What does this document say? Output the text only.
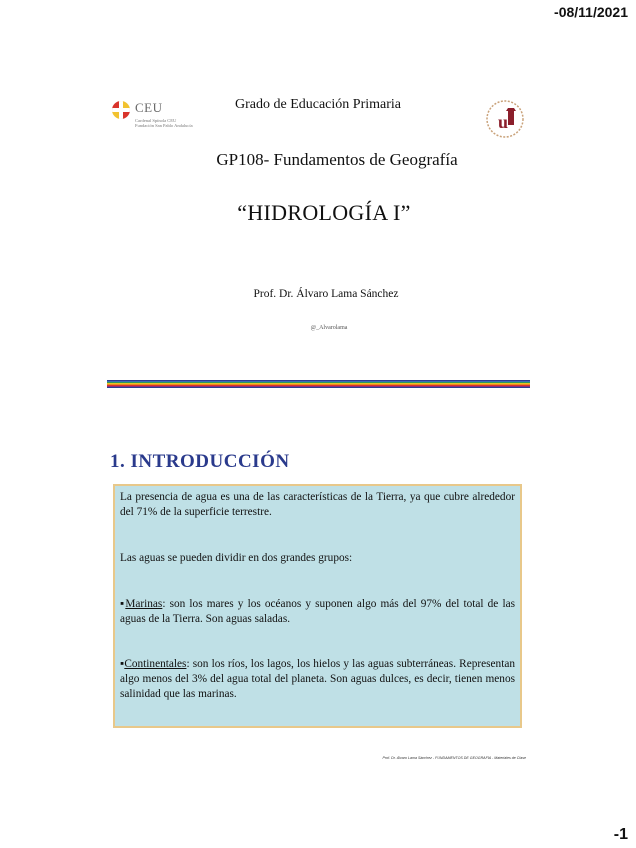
-08/11/2021
CEU
Cardenal Spínola CEU Fundación San Pablo Andalucía	u
Grado de Educación Primaria
GP108- Fundamentos de Geografía
“HIDROLOGÍA I”
Prof. Dr. Álvaro Lama Sánchez
@_Alvarolama
1. INTRODUCCIÓN

La presencia de agua es una de las características de la Tierra, ya que cubre alrededor del 71% de la superficie terrestre.

Las aguas se pueden dividir en dos grandes grupos:

▪Marinas: son los mares y los océanos y suponen algo más del 97% del total de las aguas de la Tierra. Son aguas saladas.

▪Continentales: son los ríos, los lagos, los hielos y las aguas subterráneas. Representan algo menos del 3% del agua total del planeta. Son aguas dulces, es decir, tienen menos salinidad que las marinas.

Prof. Dr. Álvaro Lama Sánchez - FUNDAMENTOS DE GEOGRAFÍA - Materiales de Clase
-1
